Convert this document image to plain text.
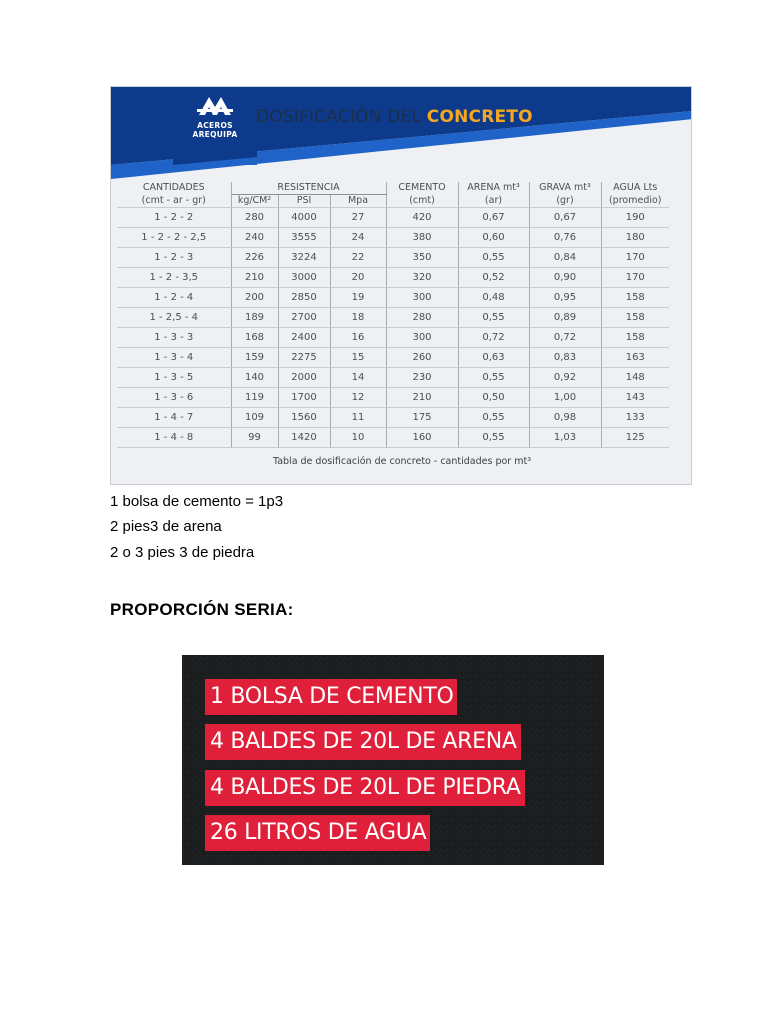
ACEROS
AREQUIPA
DOSIFICACIÓN DEL CONCRETO
CANTIDADES	RESISTENCIA			CEMENTO	ARENA mt³	GRAVA mt³	AGUA Lts
(cmt - ar - gr)	kg/CM²	PSI	Mpa	(cmt)	(ar)	(gr)	(promedio)
1 - 2 - 2	280	4000	27	420	0,67	0,67	190
1 - 2 - 2 - 2,5	240	3555	24	380	0,60	0,76	180
1 - 2 - 3	226	3224	22	350	0,55	0,84	170
1 - 2 - 3,5	210	3000	20	320	0,52	0,90	170
1 - 2 - 4	200	2850	19	300	0,48	0,95	158
1 - 2,5 - 4	189	2700	18	280	0,55	0,89	158
1 - 3 - 3	168	2400	16	300	0,72	0,72	158
1 - 3 - 4	159	2275	15	260	0,63	0,83	163
1 - 3 - 5	140	2000	14	230	0,55	0,92	148
1 - 3 - 6	119	1700	12	210	0,50	1,00	143
1 - 4 - 7	109	1560	11	175	0,55	0,98	133
1 - 4 - 8	99	1420	10	160	0,55	1,03	125
Tabla de dosificación de concreto - cantidades por mt³
1 bolsa de cemento = 1p3
2 pies3 de arena
2 o 3 pies 3 de piedra
PROPORCIÓN SERIA:
1 BOLSA DE CEMENTO
4 BALDES DE 20L DE ARENA
4 BALDES DE 20L DE PIEDRA
26 LITROS DE AGUA
